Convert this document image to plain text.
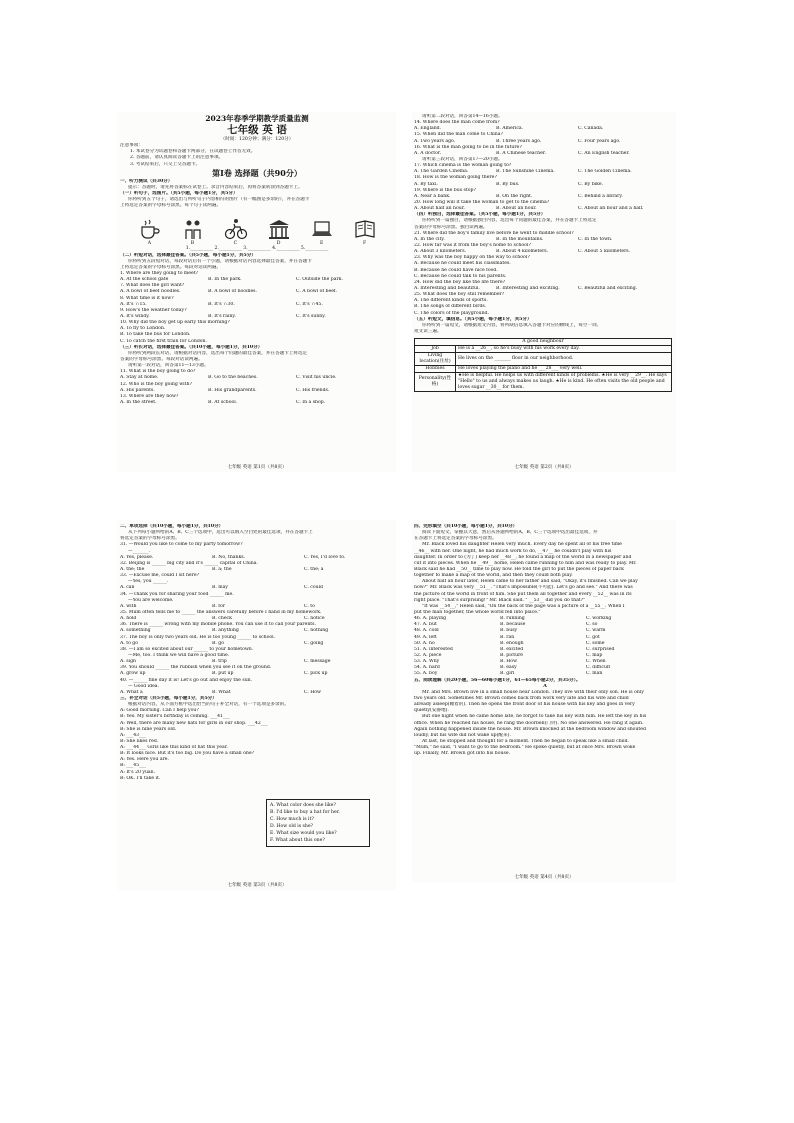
2023年春季学期教学质量监测
七年级 英 语
（时间：120分钟；满分：120分）
注意事项：
1. 本试卷分为试题卷和答题卡两部分，在试题卷上作答无效。
2. 答题前，请认真阅读答题卡上的注意事项。
3. 考试结束后，只交上交答题卡。
第Ⅰ卷 选择题（共90分）
一、听力测试（共30分）
提示：答题时，请先将答案标在试卷上。录音内容结束后，再将答案转涂到答题卡上。
（一）听句子，选图片。（共5小题，每小题1分，共5分）
你将听到五个句子，请选出与所听句子内容相符的图片（有一幅图是多余的），并在答题卡
上将选定答案的字母标号涂黑。每个句子读两遍。
A	B	C	D	E	F
1.__________ 2.__________ 3.__________ 4.__________ 5.__________
（二）听短对话，选择最佳答案。（共5小题，每小题1分，共5分）
你将听到五段短对话，每段对话后有一个小题，请根据对话内容选择最佳答案，并在答题卡
上将选定答案的字母标号涂黑。每段对话读两遍。
1. Where are they going to meet?
A. At the school gate	B. In the park.	C. Outside the park.
7. What does the girl want?
A. A bowl of beef noodles.	B. A bowl of noodles.	C. A bowl of beef.
8. What time is it now?
A. It's 7:15.	B. It's 7:30.	C. It's 7:45.
9. How's the weather today?
A. It's windy.	B. It's rainy.	C. It's sunny.
10. Why did the boy get up early this morning?
A. To fly to London.
B. To take the bus for London.
C. To catch the first train for London.
（三）听长对话，选择最佳答案。（共10小题，每小题1分，共10分）
你将听到两段长对话，请根据对话内容，选出每个问题的最佳答案，并在答题卡上将选定
答案的字母标号涂黑。每段对话读两遍。
请听第一段对话，回答第11—13小题。
11. What is the boy going to do?
A. Stay at home.	B. Go to the beaches.	C. Visit his uncle.
12. Who is the boy going with?
A. His parents.	B. His grandparents.	C. His friends.
13. Where are they now?
A. In the street.	B. At school.	C. In a shop.
七年级 英语 第1页（共8页）
请听第二段对话，回答第14—16小题。
14. Where does the man come from?
A. England.	B. America.	C. Canada.
15. When did the man come to China?
A. Two years ago.	B. Three years ago.	C. Four years ago.
16. What is the man going to be in the future?
A. A doctor.	B. A Chinese teacher.	C. An English teacher.
请听第三段对话，回答第17—20小题。
17. Which cinema is the woman going to?
A. The Garden Cinema.	B. The Sunshine Cinema.	C. The Golden Cinema.
18. How is the woman going there?
A. By taxi.	B. By bus.	C. By bike.
19. Where is the bus stop?
A. Near a bank.	B. On the right.	C. Behind a library.
20. How long will it take the woman to get to the cinema?
A. About half an hour.	B. About an hour.	C. About an hour and a half.
（四）听独白，选择最佳答案。（共5小题，每小题1分，共5分）
你将听到一篇独白，请根据独白内容，选出每个问题的最佳答案，并在答题卡上将选定
答案的字母标号涂黑。独白读两遍。
21. Where did the boy's family live before he went to middle school?
A. In the city.	B. In the mountains.	C. In the town.
22. How far was it from the boy's home to school?
A. About 3 kilometers.	B. About 4 kilometers.	C. About 5 kilometers.
23. Why was the boy happy on the way to school?
A. Because he could meet his classmates.
B. Because he could have nice food.
C. Because he could talk to his parents.
24. How did the boy like the life there?
A. Interesting and beautiful.	B. Interesting and exciting.	C. Beautiful and exciting.
25. What does the boy still remember?
A. The different kinds of sports.
B. The songs of different birds.
C. The colors of the playground.
（五）听短文，填信息。（共5小题，每小题1分，共5分）
你将听到一篇短文，请根据短文内容，将所缺信息填入答题卡对应的横线上，每空一词。
短文读三遍。
A good neighbour	
Job	He is a __26__, so he's busy with his work every day.
Living location(住址)	He lives on the _______ floor in our neighborhood.
Hobbies	He loves playing the piano and he ___28___ very well.
Personality(性格)	★He is helpful. He helps us with different kinds of problems. ★He is very __29__. He says "Hello" to us and always makes us laugh. ★He is kind. He often visits the old people and loves sugar __30__ for them.
七年级 英语 第2页（共8页）
二、单项选择（共10小题，每小题1分，共10分）
从下列每小题所给的A、B、C三个选项中，选出可以填入空白处的最佳选项，并在答题卡上
将选定答案的字母标号涂黑。
31. —Would you like to come to my party tomorrow?
—_______.
A. Yes, please.	B. No, thanks.	C. Yes, I'd love to.
32. Beijing is ______ big city and it's ______ capital of China.
A. the; the	B. a; the	C. the; a
33. —Excuse me, could I sit here?
—Yes, you ______.
A. can	B. may	C. could
34. —Thank you for sharing your food ______ me.
—You are welcome.
A. with	B. for	C. to
35. Mum often tells me to ______ the answers carefully before I hand in my homework.
A. hold	B. check	C. notice
36. There is ______ wrong with my mobile phone. You can use it to call your parents.
A. something	B. anything	C. nothing
37. The boy is only two years old. He is too young ______ to school.
A. to go	B. go	C. going
38. —I am so excited about our ______ to your hometown.
—Me, too. I think we will have a good time.
A. sign	B. trip	C. message
39. You should ______ the rubbish when you see it on the ground.
A. grow up	B. put up	C. pick up
40. —______ fine day it is! Let's go out and enjoy the sun.
— Good idea.
A. What a	B. What	C. How
三、补全对话（共5小题，每小题1分，共5分）
根据对话内容，从下面方框中选出恰当的句子补全对话，有一个选项是多余的。
A: Good morning. Can I help you?
B: Yes. My sister's birthday is coming. ___41___
A: Well, there are many new hats for girls in our shop. ___42___
B: She is nine years old.
A: ___43___
B: She likes red.
A: ___44___ Girls like this kind of hat this year.
B: It looks nice. But it's too big. Do you have a small one?
A: Yes. Here you are.
B: ___45___
A: It's 20 yuan.
B: OK. I'll take it.
A. What color does she like?
B. I'd like to buy a hat for her.
C. How much is it?
D. How old is she?
E. What size would you like?
F. What about this one?
七年级 英语 第3页（共8页）
四、完形填空（共10小题，每小题1分，共10分）
阅读下面短文，掌握其大意，然后从各题所给的A、B、C三个选项中选出最佳选项，并
在答题卡上将选定答案的字母标号涂黑。
Mr. Black loved his daughter Helen very much. Every day he spent all of his free time
__46__ with her. One night, he had much work to do, __47__ he couldn't play with his
daughter. In order to (为了) keep her __48__, he found a map of the world in a newspaper and
cut it into pieces. When he __49__ home, Helen came running to him and was ready to play. Mr.
Black said he had __50__ time to play now. He told the girl to put the pieces of paper back
together to make a map of the world, and then they could both play.
About half an hour later, Helen came to her father and said, "Okay, it's finished. Can we play
now?" Mr. Black was very __51__. "That's impossible(不可能). Let's go and see." And there was
the picture of the world in front of him. She put them all together and every __52__ was in its
right place. "That's surprising!" Mr. Black said. " __53__ did you do that?"
"It was __54__," Helen said, "On the back of the page was a picture of a __55__. When I
put the man together, the whole world fell into place."
46. A. playing	B. running	C. working
47. A. but	B. because	C. so
48. A. cold	B. busy	C. warm
49. A. left	B. ran	C. got
50. A. no	B. enough	C. some
51. A. interested	B. excited	C. surprised
52. A. piece	B. picture	C. map
53. A. Why	B. How	C. When
54. A. hard	B. easy	C. difficult
55. A. boy	B. girl	C. man
五、阅读理解（共20小题，56—60每小题1分，61—65每小题2分，共35分）。
A
Mr. and Mrs. Brown live in a small house near London. They live with their only son. He is only
two years old. Sometimes Mr. Brown comes back from work very late and his wife and child
already asleep(睡着的). Then he opens the front door of his house with his key and goes in very
quietly(安静地).
But one night when he came home late, he forgot to take his key with him. He left the key in his
office. When he reached his house, he rang the doorbell(门铃). No one answered. He rang it again.
Again nothing happened inside the house. Mr. Brown knocked at the bedroom window and shouted
loudly, but his wife did not wake up(醒来).
At last, he stopped and thought for a moment. Then he began to speak like a small child.
"Mum," he said, "I want to go to the bedroom." He spoke quietly, but at once Mrs. Brown woke
up. Finally, Mr. Brown got into his house.
七年级 英语 第4页（共8页）
